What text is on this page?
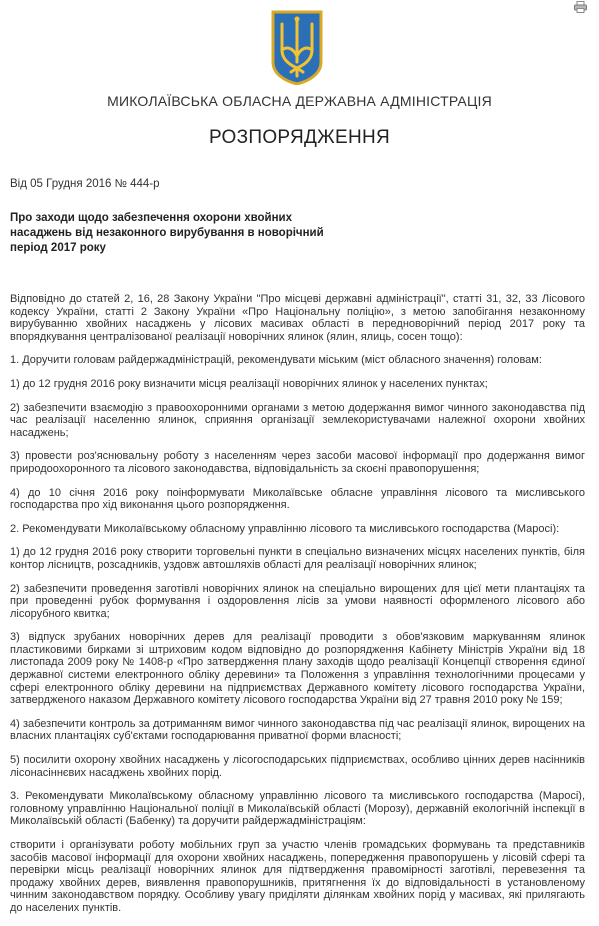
МИКОЛАЇВСЬКА ОБЛАСНА ДЕРЖАВНА АДМІНІСТРАЦІЯ
РОЗПОРЯДЖЕННЯ
Від 05 Грудня 2016 № 444-р
Про заходи щодо забезпечення охорони хвойних насаджень від незаконного вирубування в новорічний період 2017 року

Відповідно до статей 2, 16, 28 Закону України "Про місцеві державні адміністрації", статті 31, 32, 33 Лісового кодексу України, статті 2 Закону України «Про Національну поліцію», з метою запобігання незаконному вирубуванню хвойних насаджень у лісових масивах області в передноворічний період 2017 року та впорядкування централізованої реалізації новорічних ялинок (ялин, ялиць, сосен тощо):

1. Доручити головам райдержадміністрацій, рекомендувати міським (міст обласного значення) головам:

1) до 12 грудня 2016 року визначити місця реалізації новорічних ялинок у населених пунктах;

2) забезпечити взаємодію з правоохоронними органами з метою додержання вимог чинного законодавства під час реалізації населенню ялинок, сприяння організації землекористувачами належної охорони хвойних насаджень;

3) провести роз'яснювальну роботу з населенням через засоби масової інформації про додержання вимог природоохоронного та лісового законодавства, відповідальність за скоєні правопорушення;

4) до 10 січня 2016 року поінформувати Миколаївське обласне управління лісового та мисливського господарства про хід виконання цього розпорядження.

2. Рекомендувати Миколаївському обласному управлінню лісового та мисливського господарства (Маросі):

1) до 12 грудня 2016 року створити торговельні пункти в спеціально визначених місцях населених пунктів, біля контор лісництв, розсадників, уздовж автошляхів області для реалізації новорічних ялинок;

2) забезпечити проведення заготівлі новорічних ялинок на спеціально вирощених для цієї мети плантаціях та при проведенні рубок формування і оздоровлення лісів за умови наявності оформленого лісового або лісорубного квитка;

3) відпуск зрубаних новорічних дерев для реалізації проводити з обов'язковим маркуванням ялинок пластиковими бирками зі штриховим кодом відповідно до розпорядження Кабінету Міністрів України від 18 листопада 2009 року № 1408-р «Про затвердження плану заходів щодо реалізації Концепції створення єдиної державної системи електронного обліку деревини» та Положення з управління технологічними процесами у сфері електронного обліку деревини на підприємствах Державного комітету лісового господарства України, затвердженого наказом Державного комітету лісового господарства України від 27 травня 2010 року № 159;

4) забезпечити контроль за дотриманням вимог чинного законодавства під час реалізації ялинок, вирощених на власних плантаціях суб'єктами господарювання приватної форми власності;

5) посилити охорону хвойних насаджень у лісогосподарських підприємствах, особливо цінних дерев насінників лісонасіннєвих насаджень хвойних порід.

3. Рекомендувати Миколаївському обласному управлінню лісового та мисливського господарства (Маросі), головному управлінню Національної поліції в Миколаївській області (Морозу), державній екологічній інспекції в Миколаївській області (Бабенку) та доручити райдержадміністраціям:

створити і організувати роботу мобільних груп за участю членів громадських формувань та представників засобів масової інформації для охорони хвойних насаджень, попередження правопорушень у лісовій сфері та перевірки місць реалізації новорічних ялинок для підтвердження правомірності заготівлі, перевезення та продажу хвойних дерев, виявлення правопорушників, притягнення їх до відповідальності в установленому чинним законодавством порядку. Особливу увагу приділяти ділянкам хвойних порід у масивах, які прилягають до населених пунктів.
